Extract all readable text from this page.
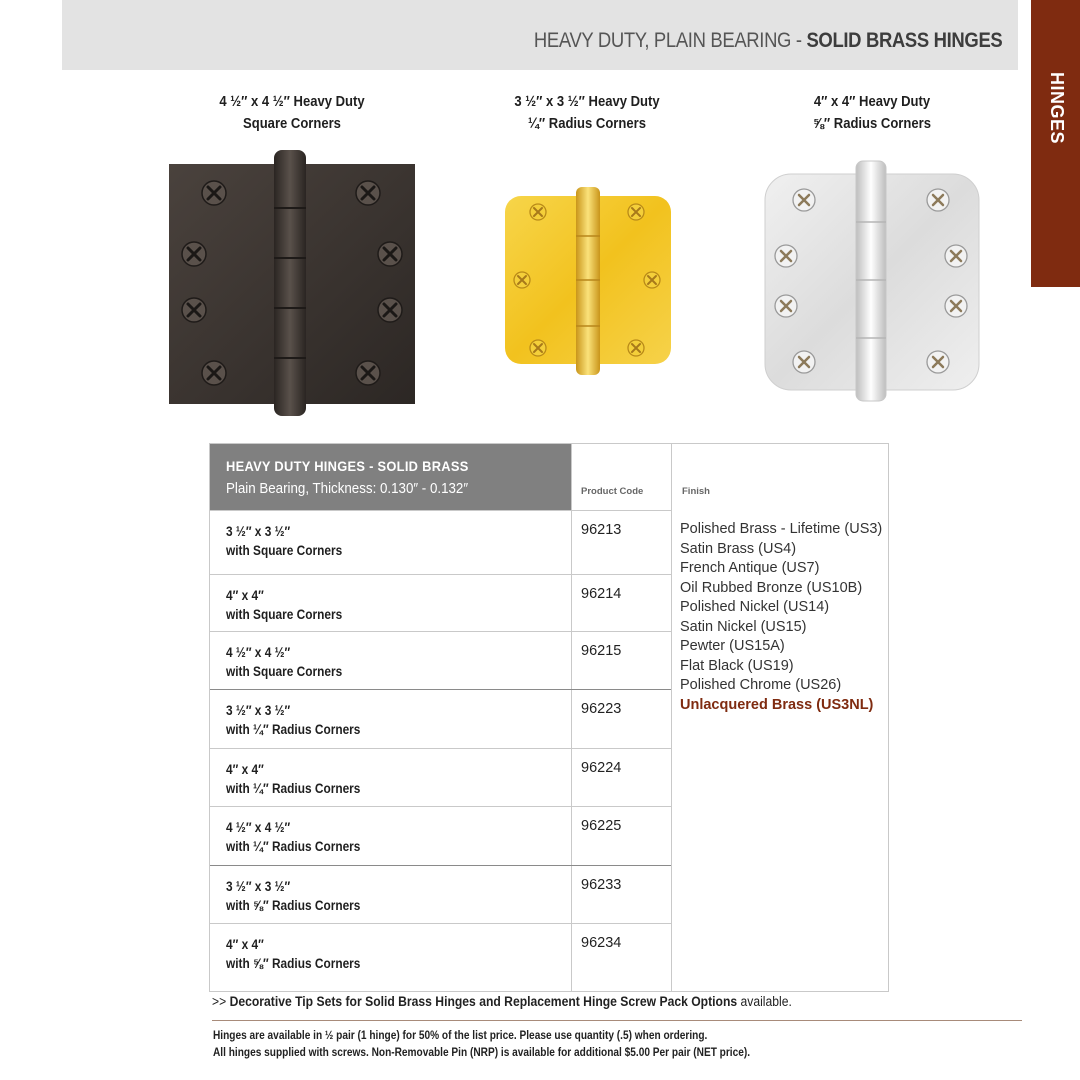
HEAVY DUTY, PLAIN BEARING - SOLID BRASS HINGES
HINGES
4 ½″ x 4 ½″ Heavy Duty
Square Corners
3 ½″ x 3 ½″ Heavy Duty
¼″ Radius Corners
4″ x 4″ Heavy Duty
⅝″ Radius Corners
HEAVY DUTY HINGES - SOLID BRASS
Plain Bearing, Thickness: 0.130″ - 0.132″	Product Code	Finish
3 ½″ x 3 ½″
with Square Corners
96213
4″ x 4″
with Square Corners
96214
4 ½″ x 4 ½″
with Square Corners
96215
3 ½″ x 3 ½″
with ¼″ Radius Corners
96223
4″ x 4″
with ¼″ Radius Corners
96224
4 ½″ x 4 ½″
with ¼″ Radius Corners
96225
3 ½″ x 3 ½″
with ⅝″ Radius Corners
96233
4″ x 4″
with ⅝″ Radius Corners
96234
Polished Brass - Lifetime (US3)
Satin Brass (US4)
French Antique (US7)
Oil Rubbed Bronze (US10B)
Polished Nickel (US14)
Satin Nickel (US15)
Pewter (US15A)
Flat Black (US19)
Polished Chrome (US26)
Unlacquered Brass (US3NL)
>> Decorative Tip Sets for Solid Brass Hinges and Replacement Hinge Screw Pack Options available.
Hinges are available in ½ pair (1 hinge) for 50% of the list price. Please use quantity (.5) when ordering.
All hinges supplied with screws. Non-Removable Pin (NRP) is available for additional $5.00 Per pair (NET price).
